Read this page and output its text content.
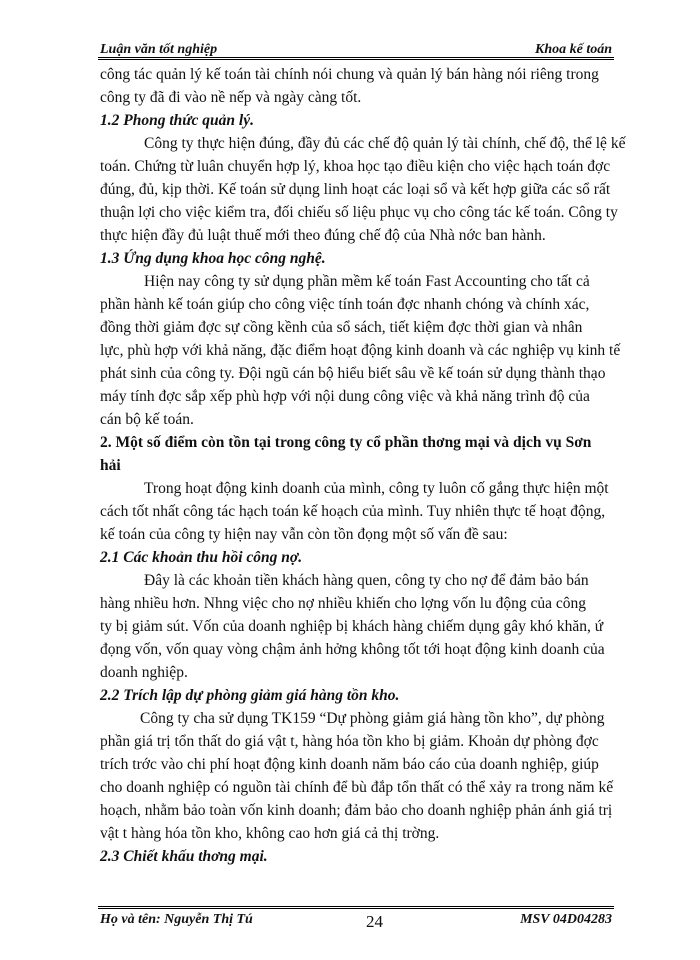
Luận văn tốt nghiệp	Khoa kế toán
công tác quản lý kế toán tài chính nói chung và quản lý bán hàng nói riêng trong
công ty đã đi vào nề nếp và ngày càng tốt.
1.2 Phong thức quản lý.
Công ty thực hiện đúng, đầy đủ các chế độ quản lý tài chính, chế độ, thể lệ kế
toán. Chứng từ luân chuyển hợp lý, khoa học tạo điều kiện cho việc hạch toán đợc
đúng, đủ, kịp thời. Kế toán sử dụng linh hoạt các loại sổ và kết hợp giữa các sổ rất
thuận lợi cho việc kiểm tra, đối chiếu số liệu phục vụ cho công tác kế toán. Công ty
thực hiện đầy đủ luật thuế mới theo đúng chế độ của Nhà nớc ban hành.
1.3 Ứng dụng khoa học công nghệ.
Hiện nay công ty sử dụng phần mềm kế toán Fast Accounting cho tất cả
phần hành kế toán giúp cho công việc tính toán đợc nhanh chóng và chính xác,
đồng thời giảm đợc sự cồng kềnh của sổ sách, tiết kiệm đợc thời gian và nhân
lực, phù hợp với khả năng, đặc điểm hoạt động kinh doanh và các nghiệp vụ kinh tế
phát sinh của công ty. Đội ngũ cán bộ hiểu biết sâu về kế toán sử dụng thành thạo
máy tính đợc sắp xếp phù hợp với nội dung công việc và khả năng trình độ của
cán bộ kế toán.
2. Một số điểm còn tồn tại trong công ty cổ phần thơng mại và dịch vụ Sơn
hải
Trong hoạt động kinh doanh của mình, công ty luôn cố gắng thực hiện một
cách tốt nhất công tác hạch toán kế hoạch của mình. Tuy nhiên thực tế hoạt động,
kế toán của công ty hiện nay vẫn còn tồn đọng một số vấn đề sau:
2.1 Các khoản thu hồi công nợ.
Đây là các khoản tiền khách hàng quen, công ty cho nợ để đảm bảo bán
hàng nhiều hơn. Nhng việc cho nợ nhiều khiến cho lợng vốn lu động của công
ty bị giảm sút. Vốn của doanh nghiệp bị khách hàng chiếm dụng gây khó khăn, ứ
đọng vốn, vốn quay vòng chậm ảnh hởng không tốt tới hoạt động kinh doanh của
doanh nghiệp.
2.2 Trích lập dự phòng giảm giá hàng tồn kho.
Công ty cha sử dụng TK159 “Dự phòng giảm giá hàng tồn kho”, dự phòng
phần giá trị tổn thất do giá vật t, hàng hóa tồn kho bị giảm. Khoản dự phòng đợc
trích trớc vào chi phí hoạt động kinh doanh năm báo cáo của doanh nghiệp, giúp
cho doanh nghiệp có nguồn tài chính để bù đắp tổn thất có thể xảy ra trong năm kế
hoạch, nhằm bảo toàn vốn kinh doanh; đảm bảo cho doanh nghiệp phản ánh giá trị
vật t hàng hóa tồn kho, không cao hơn giá cả thị trờng.
2.3 Chiết khấu thơng mại.
Họ và tên: Nguyễn Thị Tú	24	MSV 04D04283
